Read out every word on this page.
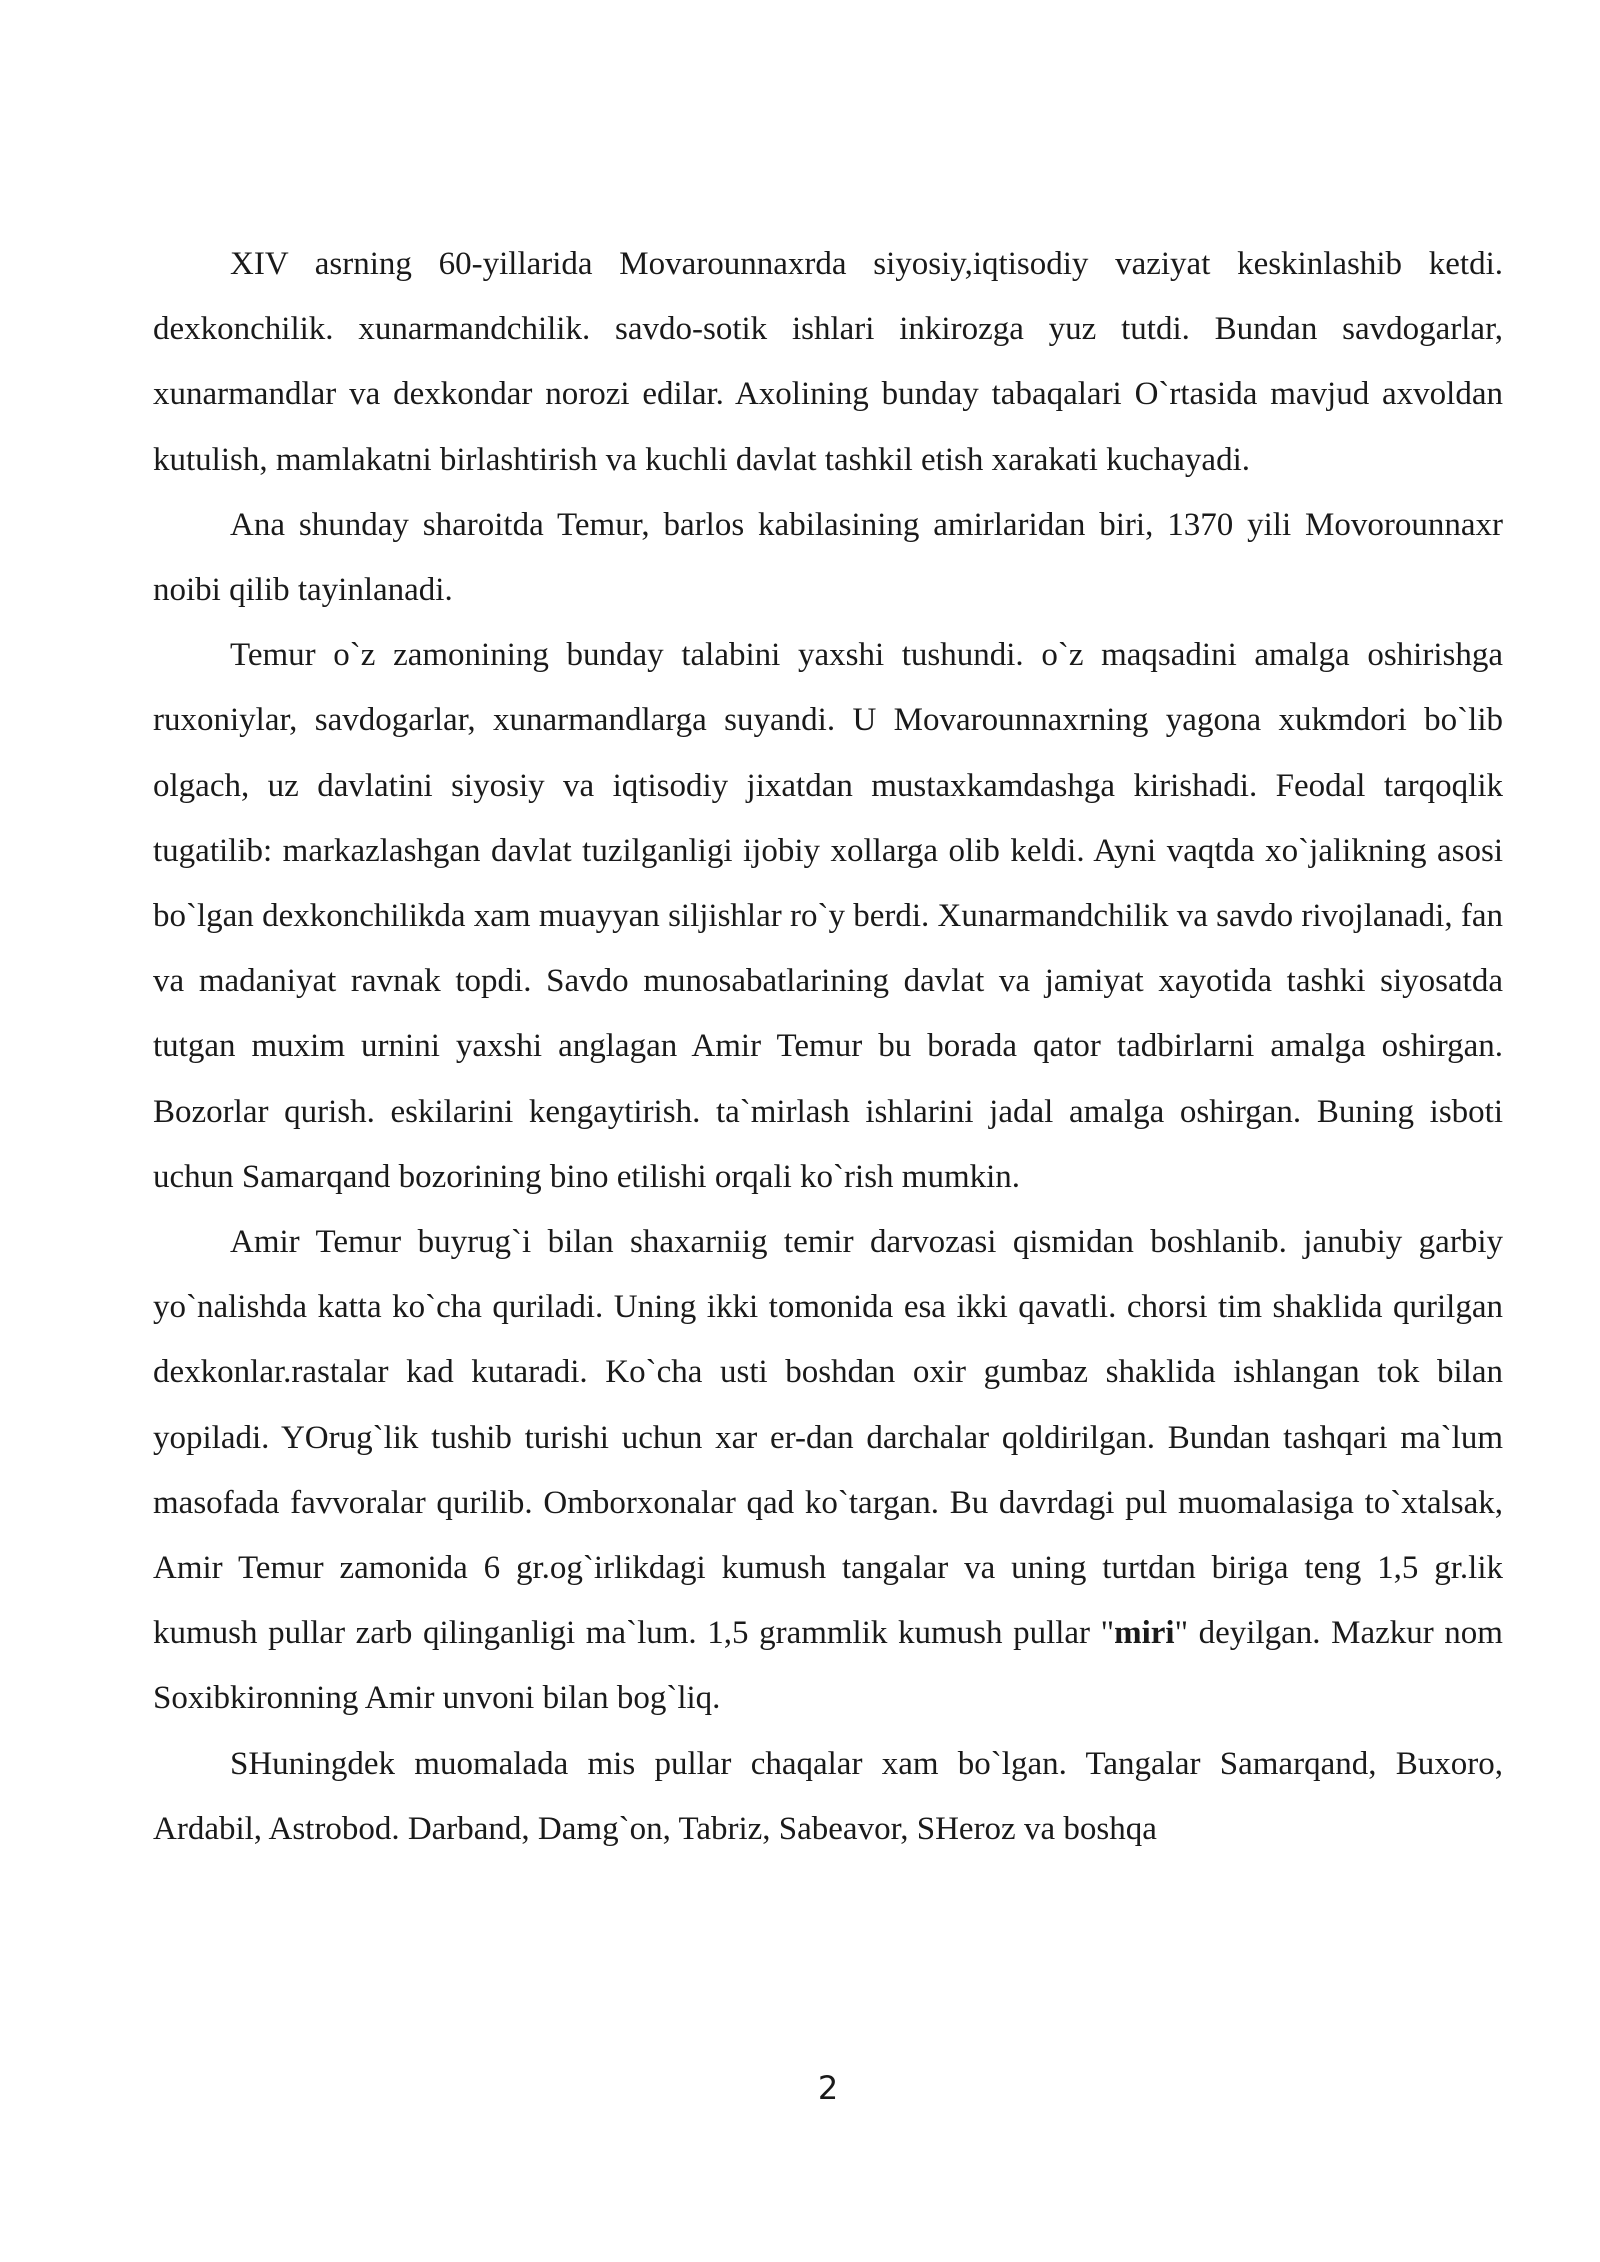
XIV asrning 60-yillarida Movarounnaxrda siyosiy,iqtisodiy vaziyat keskinlashib ketdi. dexkonchilik. xunarmandchilik. savdo-sotik ishlari inkirozga yuz tutdi. Bundan savdogarlar, xunarmandlar va dexkondar norozi edilar. Axolining bunday tabaqalari O`rtasida mavjud axvoldan kutulish, mamlakatni birlashtirish va kuchli davlat tashkil etish xarakati kuchayadi.

Ana shunday sharoitda Temur, barlos kabilasining amirlaridan biri, 1370 yili Movorounnaxr noibi qilib tayinlanadi.

Temur o`z zamonining bunday talabini yaxshi tushundi. o`z maqsadini amalga oshirishga ruxoniylar, savdogarlar, xunarmandlarga suyandi. U Movarounnaxrning yagona xukmdori bo`lib olgach, uz davlatini siyosiy va iqtisodiy jixatdan mustaxkamdashga kirishadi. Feodal tarqoqlik tugatilib: markazlashgan davlat tuzilganligi ijobiy xollarga olib keldi. Ayni vaqtda xo`jalikning asosi bo`lgan dexkonchilikda xam muayyan siljishlar ro`y berdi. Xunarmandchilik va savdo rivojlanadi, fan va madaniyat ravnak topdi. Savdo munosabatlarining davlat va jamiyat xayotida tashki siyosatda tutgan muxim urnini yaxshi anglagan Amir Temur bu borada qator tadbirlarni amalga oshirgan. Bozorlar qurish. eskilarini kengaytirish. ta`mirlash ishlarini jadal amalga oshirgan. Buning isboti uchun Samarqand bozorining bino etilishi orqali ko`rish mumkin.

Amir Temur buyrug`i bilan shaxarniig temir darvozasi qismidan boshlanib. janubiy garbiy yo`nalishda katta ko`cha quriladi. Uning ikki tomonida esa ikki qavatli. chorsi tim shaklida qurilgan dexkonlar.rastalar kad kutaradi. Ko`cha usti boshdan oxir gumbaz shaklida ishlangan tok bilan yopiladi. YOrug`lik tushib turishi uchun xar er-dan darchalar qoldirilgan. Bundan tashqari ma`lum masofada favvoralar qurilib. Omborxonalar qad ko`targan. Bu davrdagi pul muomalasiga to`xtalsak, Amir Temur zamonida 6 gr.og`irlikdagi kumush tangalar va uning turtdan biriga teng 1,5 gr.lik kumush pullar zarb qilinganligi ma`lum. 1,5 grammlik kumush pullar "miri" deyilgan. Mazkur nom Soxibkironning Amir unvoni bilan bog`liq.

SHuningdek muomalada mis pullar chaqalar xam bo`lgan. Tangalar Samarqand, Buxoro, Ardabil, Astrobod. Darband, Damg`on, Tabriz, Sabeavor, SHeroz va boshqa

2
